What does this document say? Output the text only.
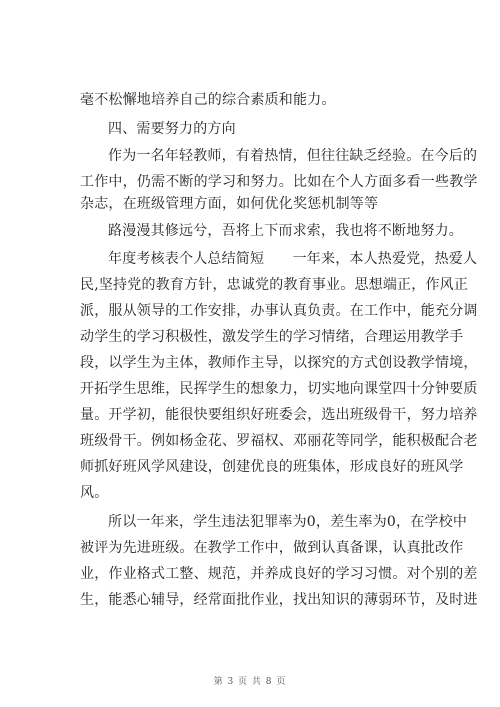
毫不松懈地培养自己的综合素质和能力。
四、需要努力的方向
作为一名年轻教师，有着热情，但往往缺乏经验。在今后的
工作中，仍需不断的学习和努力。比如在个人方面多看一些教学
杂志，在班级管理方面，如何优化奖惩机制等等
路漫漫其修远兮，吾将上下而求索，我也将不断地努力。
年度考核表个人总结简短　　一年来，本人热爱党，热爱人
民,坚持党的教育方针，忠诚党的教育事业。思想端正，作风正
派，服从领导的工作安排，办事认真负责。在工作中，能充分调
动学生的学习积极性，激发学生的学习情绪，合理运用教学手
段，以学生为主体，教师作主导，以探究的方式创设教学情境，
开拓学生思维，民挥学生的想象力，切实地向课堂四十分钟要质
量。开学初，能很快要组织好班委会，选出班级骨干，努力培养
班级骨干。例如杨金花、罗福权、邓丽花等同学，能积极配合老
师抓好班风学风建设，创建优良的班集体，形成良好的班风学
风。
所以一年来，学生违法犯罪率为0，差生率为0，在学校中
被评为先进班级。在教学工作中，做到认真备课，认真批改作
业，作业格式工整、规范，并养成良好的学习习惯。对个别的差
生，能悉心辅导，经常面批作业，找出知识的薄弱环节，及时进
第 3 页 共 8 页
